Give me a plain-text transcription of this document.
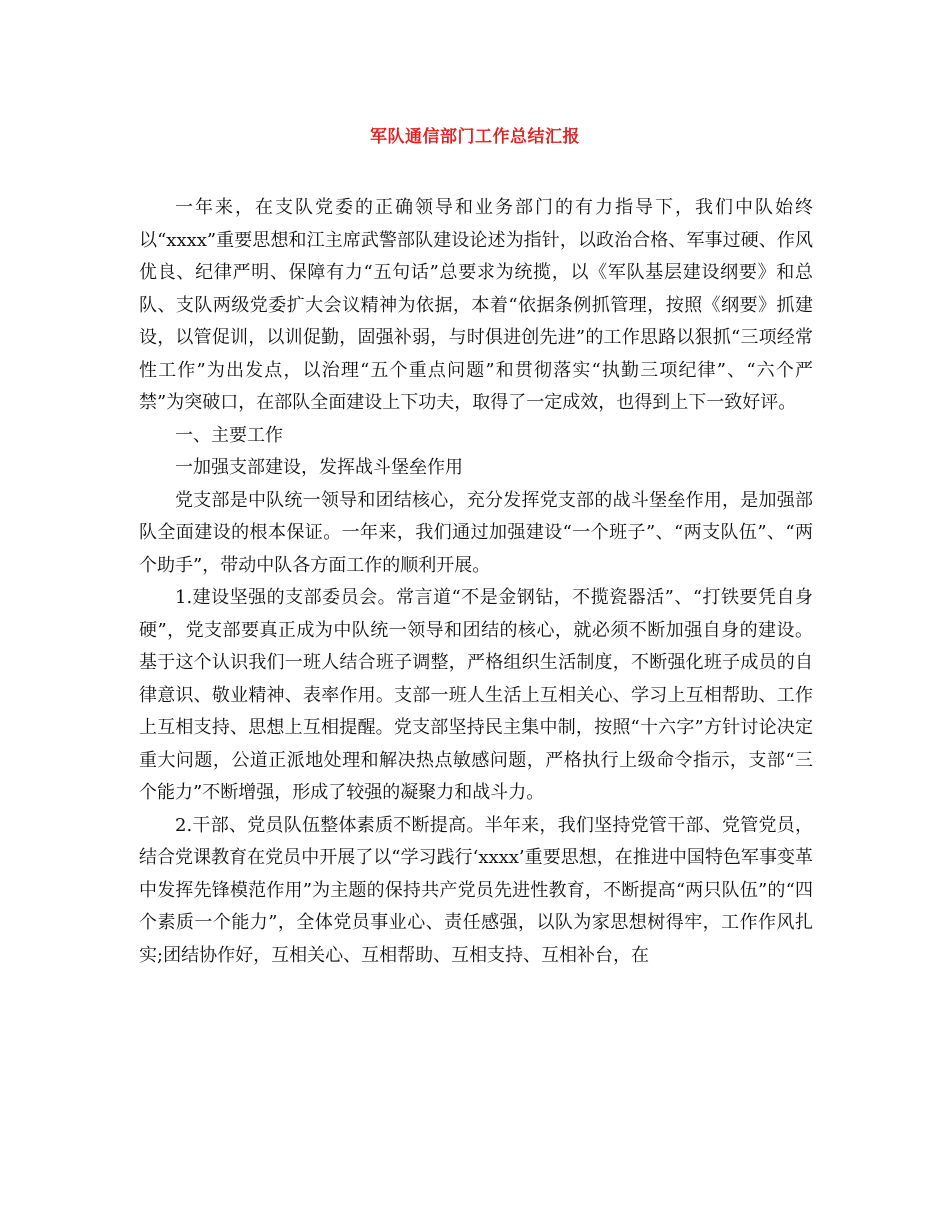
军队通信部门工作总结汇报

一年来，在支队党委的正确领导和业务部门的有力指导下，我们中队始终以“xxxx”重要思想和江主席武警部队建设论述为指针，以政治合格、军事过硬、作风优良、纪律严明、保障有力“五句话”总要求为统揽，以《军队基层建设纲要》和总队、支队两级党委扩大会议精神为依据，本着“依据条例抓管理，按照《纲要》抓建设，以管促训，以训促勤，固强补弱，与时俱进创先进”的工作思路以狠抓“三项经常性工作”为出发点，以治理“五个重点问题”和贯彻落实“执勤三项纪律”、“六个严禁”为突破口，在部队全面建设上下功夫，取得了一定成效，也得到上下一致好评。

一、主要工作

一加强支部建设，发挥战斗堡垒作用

党支部是中队统一领导和团结核心，充分发挥党支部的战斗堡垒作用，是加强部队全面建设的根本保证。一年来，我们通过加强建设“一个班子”、“两支队伍”、“两个助手”，带动中队各方面工作的顺利开展。

1.建设坚强的支部委员会。常言道“不是金钢钻，不揽瓷器活”、“打铁要凭自身硬”，党支部要真正成为中队统一领导和团结的核心，就必须不断加强自身的建设。基于这个认识我们一班人结合班子调整，严格组织生活制度，不断强化班子成员的自律意识、敬业精神、表率作用。支部一班人生活上互相关心、学习上互相帮助、工作上互相支持、思想上互相提醒。党支部坚持民主集中制，按照“十六字”方针讨论决定重大问题，公道正派地处理和解决热点敏感问题，严格执行上级命令指示，支部“三个能力”不断增强，形成了较强的凝聚力和战斗力。

2.干部、党员队伍整体素质不断提高。半年来，我们坚持党管干部、党管党员，结合党课教育在党员中开展了以“学习践行‘xxxx’重要思想，在推进中国特色军事变革中发挥先锋模范作用”为主题的保持共产党员先进性教育，不断提高“两只队伍”的“四个素质一个能力”，全体党员事业心、责任感强，以队为家思想树得牢，工作作风扎实;团结协作好，互相关心、互相帮助、互相支持、互相补台，在
